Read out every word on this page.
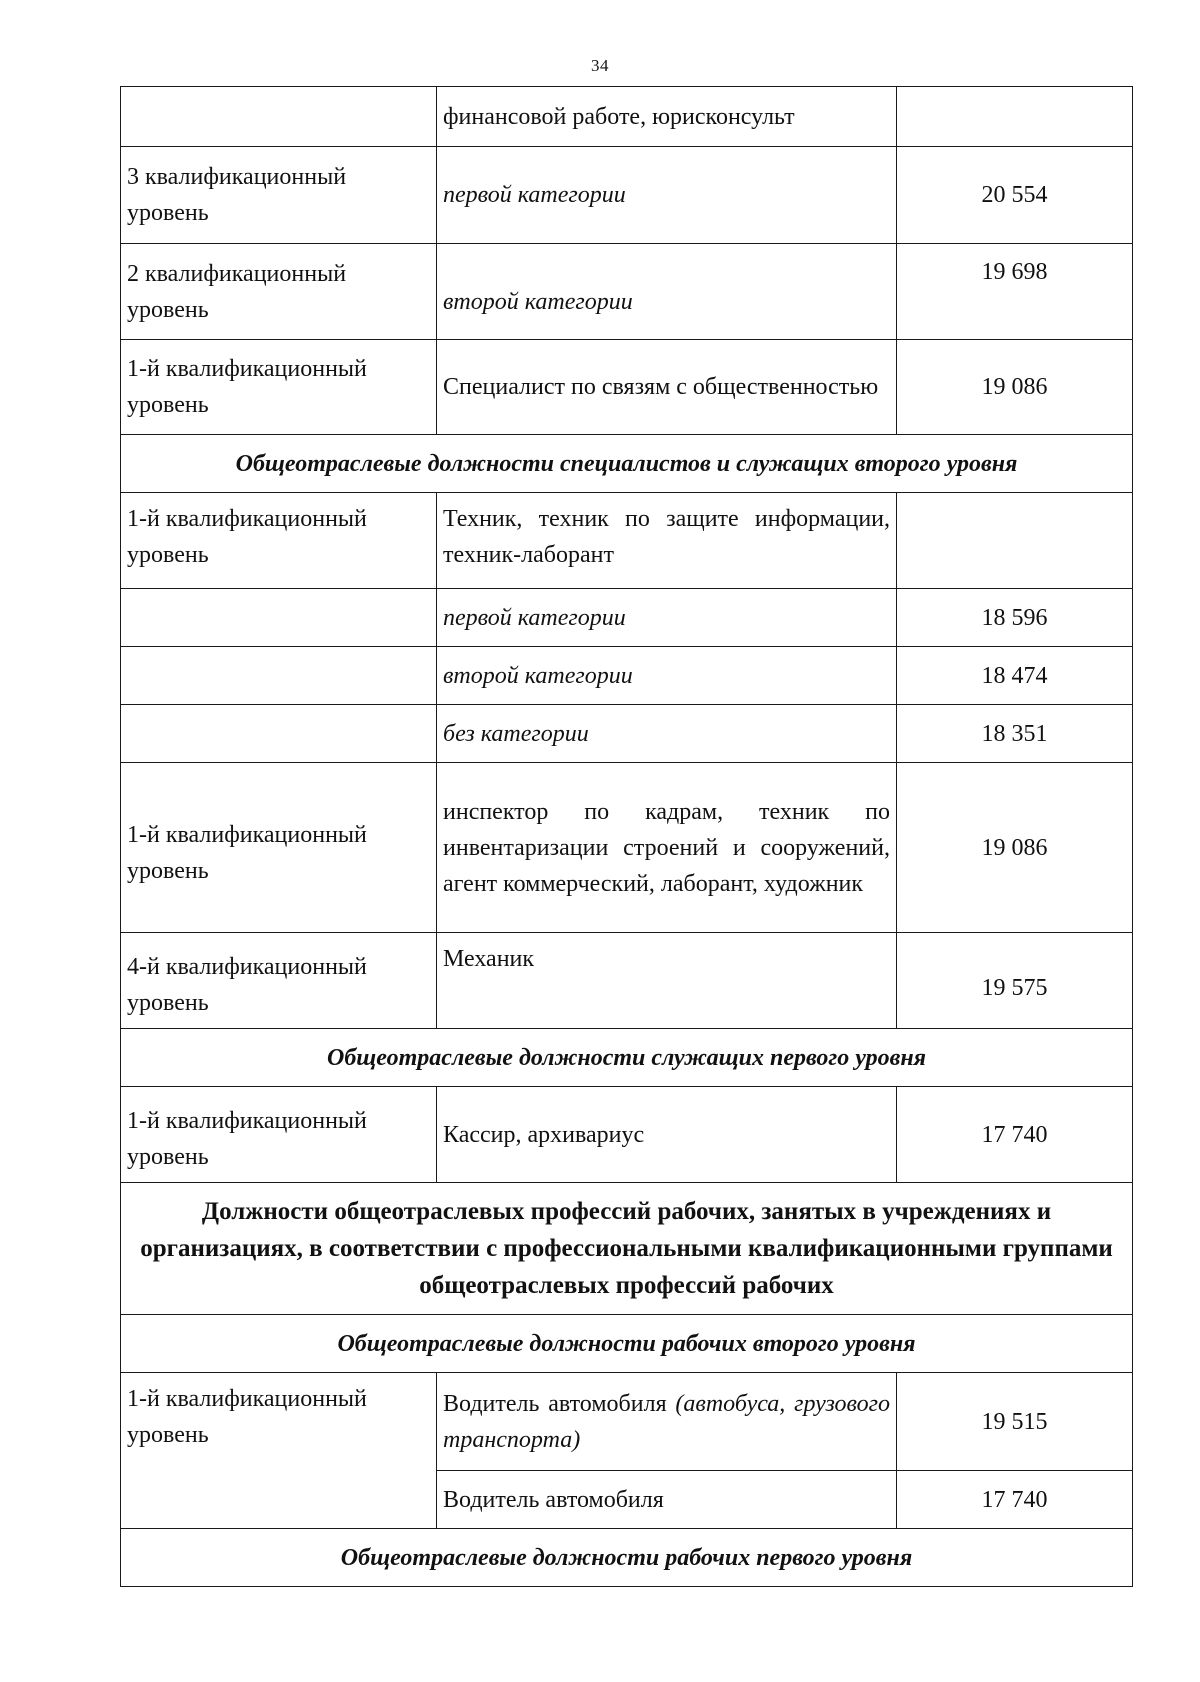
34
	финансовой работе, юрисконсульт	
3 квалификационный уровень	первой категории	20 554
2 квалификационный уровень	второй категории	19 698
1-й квалификационный уровень	Специалист по связям с общественностью	19 086
Общеотраслевые должности специалистов и служащих второго уровня		
1-й квалификационный уровень	Техник, техник по защите информации, техник-лаборант	
	первой категории	18 596
	второй категории	18 474
	без категории	18 351
1-й квалификационный уровень	инспектор по кадрам, техник по инвентаризации строений и сооружений, агент коммерческий, лаборант, художник	19 086
4-й квалификационный уровень	Механик	19 575
Общеотраслевые должности служащих первого уровня		
1-й квалификационный уровень	Кассир, архивариус	17 740
Должности общеотраслевых профессий рабочих, занятых в учреждениях и организациях, в соответствии с профессиональными квалификационными группами общеотраслевых профессий рабочих		
Общеотраслевые должности рабочих второго уровня		
1-й квалификационный уровень	Водитель автомобиля (автобуса, грузового транспорта)	19 515
	Водитель автомобиля	17 740
Общеотраслевые должности рабочих первого уровня		
